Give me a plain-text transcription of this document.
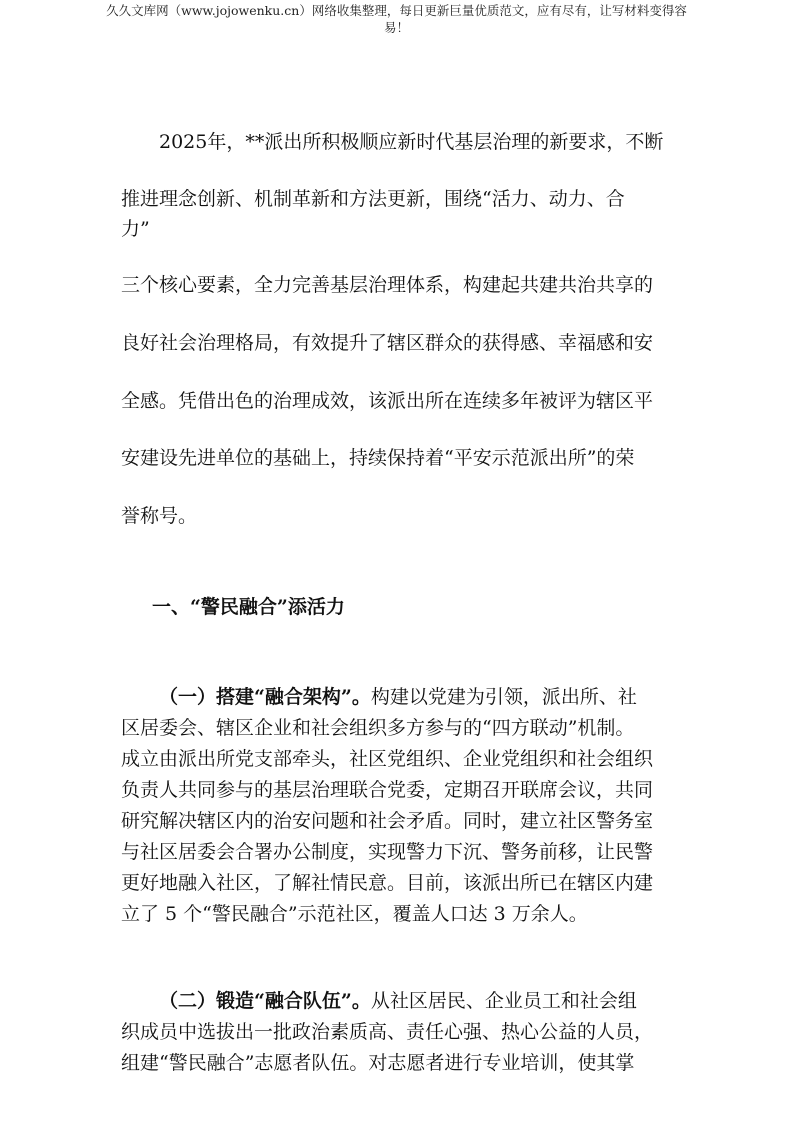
久久文库网（www.jojowenku.cn）网络收集整理，每日更新巨量优质范文，应有尽有，让写材料变得容
易！
2025年，**派出所积极顺应新时代基层治理的新要求，不断
推进理念创新、机制革新和方法更新，围绕“活力、动力、合
力”
三个核心要素，全力完善基层治理体系，构建起共建共治共享的
良好社会治理格局，有效提升了辖区群众的获得感、幸福感和安
全感。凭借出色的治理成效，该派出所在连续多年被评为辖区平
安建设先进单位的基础上，持续保持着“平安示范派出所”的荣
誉称号。
一、“警民融合”添活力
（一）搭建“融合架构”。构建以党建为引领，派出所、社
区居委会、辖区企业和社会组织多方参与的“四方联动”机制。
成立由派出所党支部牵头，社区党组织、企业党组织和社会组织
负责人共同参与的基层治理联合党委，定期召开联席会议，共同
研究解决辖区内的治安问题和社会矛盾。同时，建立社区警务室
与社区居委会合署办公制度，实现警力下沉、警务前移，让民警
更好地融入社区，了解社情民意。目前，该派出所已在辖区内建
立了 5 个“警民融合”示范社区，覆盖人口达 3 万余人。
（二）锻造“融合队伍”。从社区居民、企业员工和社会组
织成员中选拔出一批政治素质高、责任心强、热心公益的人员，
组建“警民融合”志愿者队伍。对志愿者进行专业培训，使其掌
